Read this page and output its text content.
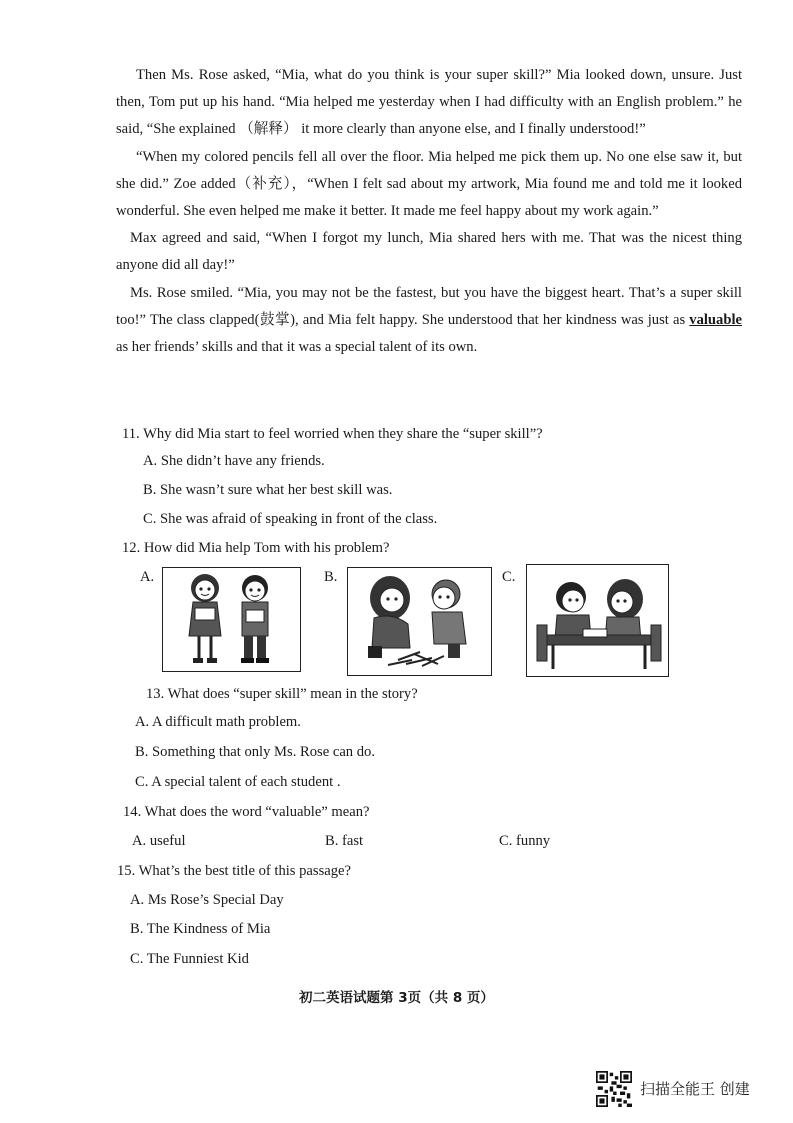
Then Ms. Rose asked, “Mia, what do you think is your super skill?” Mia looked down, unsure. Just then, Tom put up his hand. “Mia helped me yesterday when I had difficulty with an English problem.” he said, “She explained （解释） it more clearly than anyone else, and I finally understood!”

“When my colored pencils fell all over the floor. Mia helped me pick them up. No one else saw it, but she did.” Zoe added（补充），“When I felt sad about my artwork, Mia found me and told me it looked wonderful. She even helped me make it better. It made me feel happy about my work again.”

Max agreed and said, “When I forgot my lunch, Mia shared hers with me. That was the nicest thing anyone did all day!”

Ms. Rose smiled. “Mia, you may not be the fastest, but you have the biggest heart. That’s a super skill too!” The class clapped(鼓掌), and Mia felt happy. She understood that her kindness was just as valuable as her friends’ skills and that it was a special talent of its own.

11. Why did Mia start to feel worried when they share the “super skill”?
A. She didn’t have any friends.
B. She wasn’t sure what her best skill was.
C. She was afraid of speaking in front of the class.
12. How did Mia help Tom with his problem?
A.	B.	C.
13. What does “super skill” mean in the story?
A. A difficult math problem.
B. Something that only Ms. Rose can do.
C. A special talent of each student .
14. What does the word “valuable” mean?
A. useful	B. fast	C. funny
15. What’s the best title of this passage?
A. Ms Rose’s Special Day
B. The Kindness of Mia
C. The Funniest Kid
初二英语试题第 3页（共 8 页）
扫描全能王 创建
